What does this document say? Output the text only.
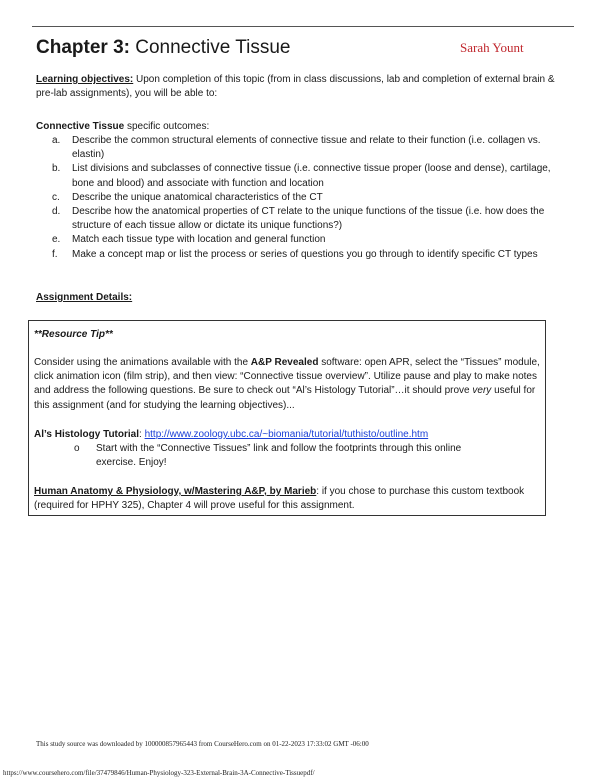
Chapter 3: Connective Tissue	Sarah Yount
Learning objectives: Upon completion of this topic (from in class discussions, lab and completion of external brain & pre-lab assignments), you will be able to:
Connective Tissue specific outcomes:
a. Describe the common structural elements of connective tissue and relate to their function (i.e. collagen vs. elastin)
b. List divisions and subclasses of connective tissue (i.e. connective tissue proper (loose and dense), cartilage, bone and blood) and associate with function and location
c. Describe the unique anatomical characteristics of the CT
d. Describe how the anatomical properties of CT relate to the unique functions of the tissue (i.e. how does the structure of each tissue allow or dictate its unique functions?)
e. Match each tissue type with location and general function
f. Make a concept map or list the process or series of questions you go through to identify specific CT types
Assignment Details:
**Resource Tip**
Consider using the animations available with the A&P Revealed software: open APR, select the “Tissues” module, click animation icon (film strip), and then view: “Connective tissue overview”. Utilize pause and play to make notes and address the following questions. Be sure to check out “Al’s Histology Tutorial”…it should prove very useful for this assignment (and for studying the learning objectives)...
Al’s Histology Tutorial: http://www.zoology.ubc.ca/~biomania/tutorial/tuthisto/outline.htm
o Start with the “Connective Tissues” link and follow the footprints through this online exercise. Enjoy!
Human Anatomy & Physiology, w/Mastering A&P, by Marieb: if you chose to purchase this custom textbook (required for HPHY 325), Chapter 4 will prove useful for this assignment.
This study source was downloaded by 100000857965443 from CourseHero.com on 01-22-2023 17:33:02 GMT -06:00
https://www.coursehero.com/file/37479846/Human-Physiology-323-External-Brain-3A-Connective-Tissuepdf/
